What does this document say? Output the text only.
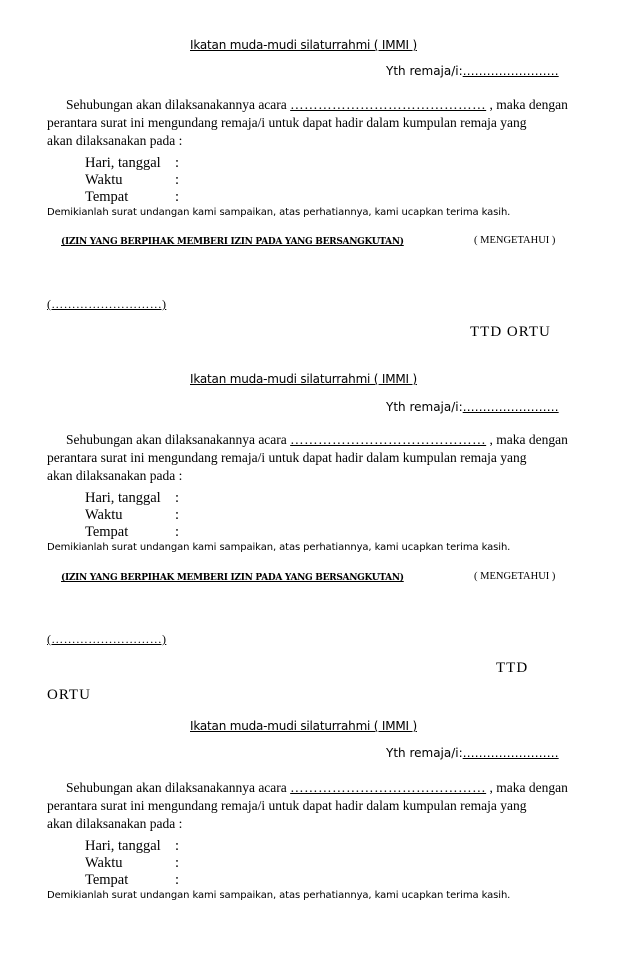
Ikatan muda-mudi silaturrahmi ( IMMI )
Yth remaja/i:……………………
Sehubungan akan dilaksanakannya acara …………………………………… , maka dengan
perantara surat ini mengundang remaja/i untuk dapat hadir dalam kumpulan remaja yang
akan dilaksanakan pada :
Hari, tanggal :
Waktu	:
Tempat	:
Demikianlah surat undangan kami sampaikan, atas perhatiannya, kami ucapkan terima kasih.
(IZIN YANG BERPIHAK MEMBERI IZIN PADA YANG BERSANGKUTAN)	( MENGETAHUI )
(………………………)
TTD ORTU
Ikatan muda-mudi silaturrahmi ( IMMI )
Yth remaja/i:……………………
Sehubungan akan dilaksanakannya acara …………………………………… , maka dengan
perantara surat ini mengundang remaja/i untuk dapat hadir dalam kumpulan remaja yang
akan dilaksanakan pada :
Hari, tanggal :
Waktu	:
Tempat	:
Demikianlah surat undangan kami sampaikan, atas perhatiannya, kami ucapkan terima kasih.
(IZIN YANG BERPIHAK MEMBERI IZIN PADA YANG BERSANGKUTAN)	( MENGETAHUI )
(………………………)
TTD
ORTU
Ikatan muda-mudi silaturrahmi ( IMMI )
Yth remaja/i:……………………
Sehubungan akan dilaksanakannya acara …………………………………… , maka dengan
perantara surat ini mengundang remaja/i untuk dapat hadir dalam kumpulan remaja yang
akan dilaksanakan pada :
Hari, tanggal :
Waktu	:
Tempat	:
Demikianlah surat undangan kami sampaikan, atas perhatiannya, kami ucapkan terima kasih.
